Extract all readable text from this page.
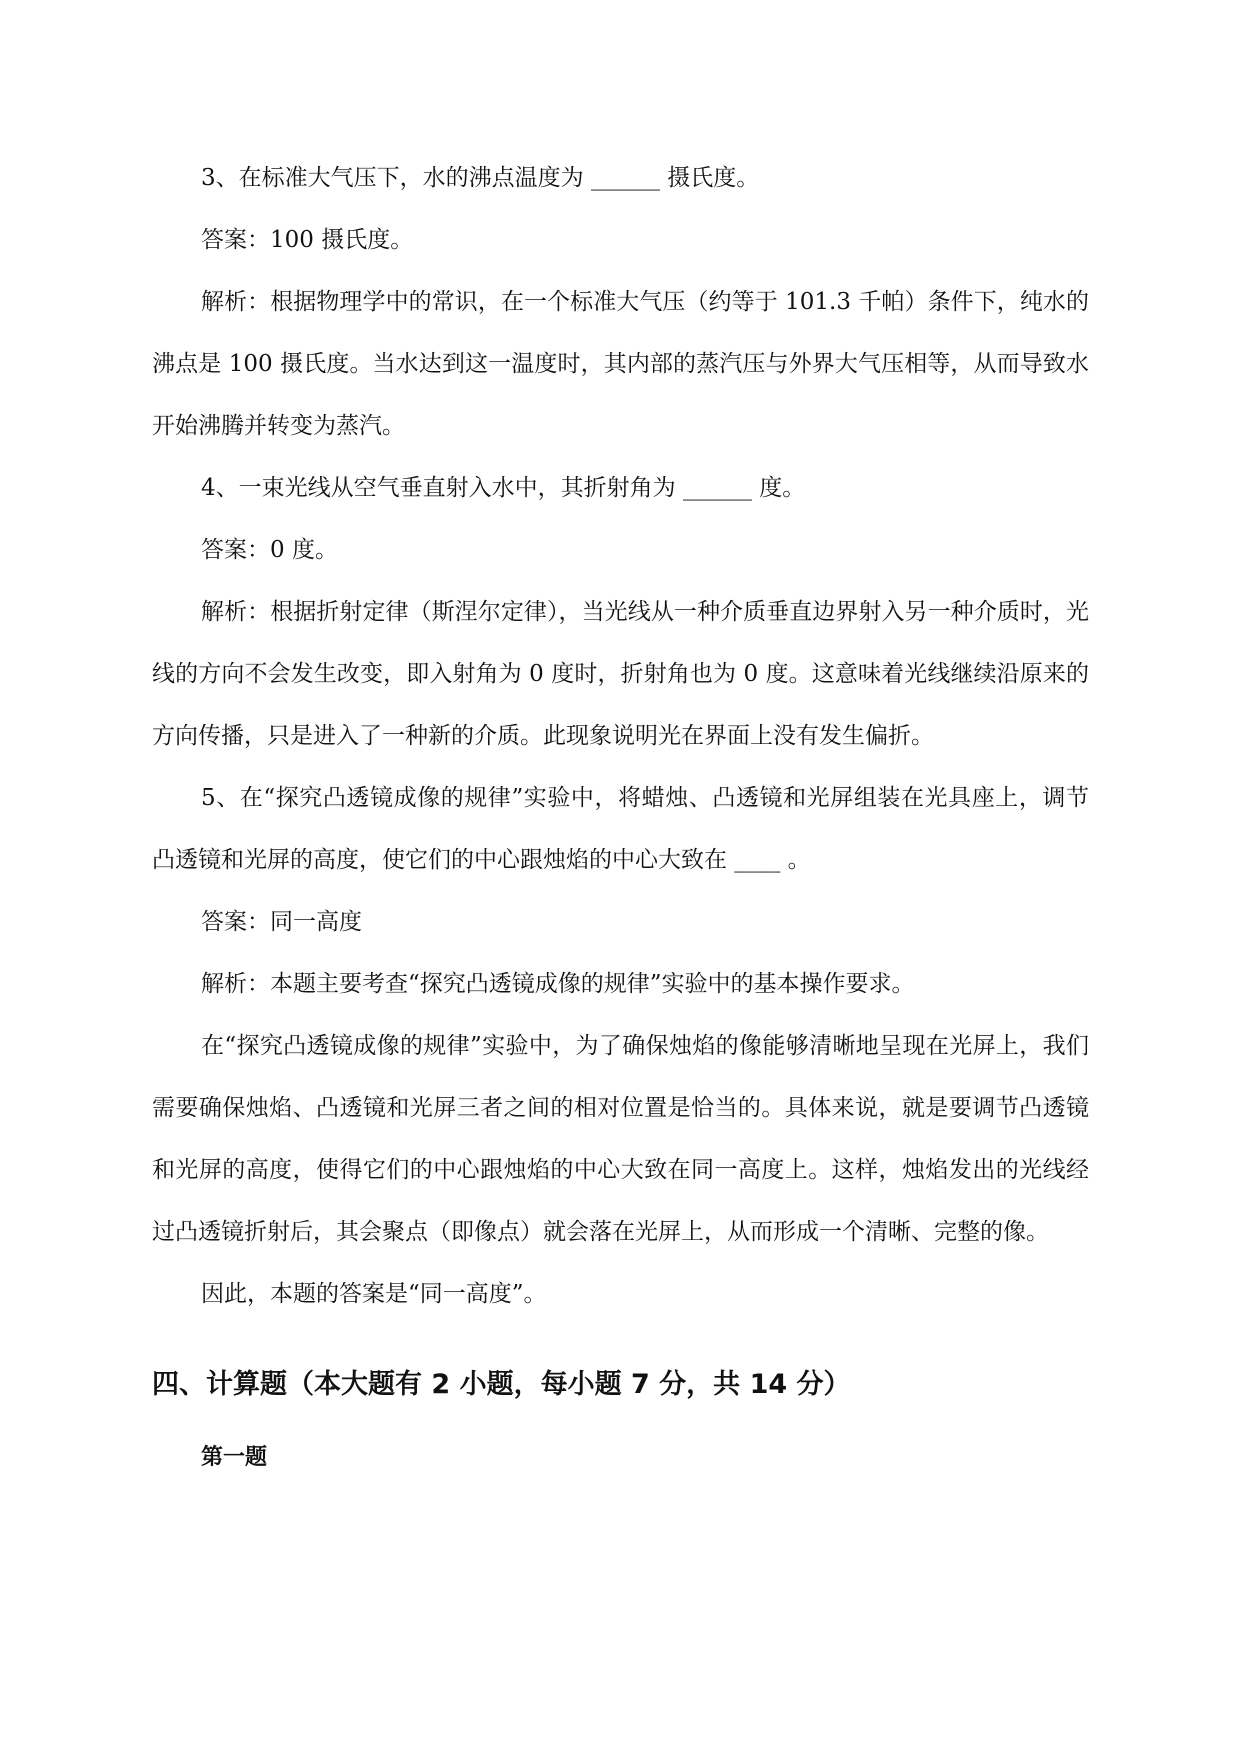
3、在标准大气压下，水的沸点温度为 ______ 摄氏度。

答案：100 摄氏度。

解析：根据物理学中的常识，在一个标准大气压（约等于 101.3 千帕）条件下，纯水的沸点是 100 摄氏度。当水达到这一温度时，其内部的蒸汽压与外界大气压相等，从而导致水开始沸腾并转变为蒸汽。

4、一束光线从空气垂直射入水中，其折射角为 ______ 度。

答案：0 度。

解析：根据折射定律（斯涅尔定律），当光线从一种介质垂直边界射入另一种介质时，光线的方向不会发生改变，即入射角为 0 度时，折射角也为 0 度。这意味着光线继续沿原来的方向传播，只是进入了一种新的介质。此现象说明光在界面上没有发生偏折。

5、在“探究凸透镜成像的规律”实验中，将蜡烛、凸透镜和光屏组装在光具座上，调节凸透镜和光屏的高度，使它们的中心跟烛焰的中心大致在 ____ 。

答案：同一高度

解析：本题主要考查“探究凸透镜成像的规律”实验中的基本操作要求。

在“探究凸透镜成像的规律”实验中，为了确保烛焰的像能够清晰地呈现在光屏上，我们需要确保烛焰、凸透镜和光屏三者之间的相对位置是恰当的。具体来说，就是要调节凸透镜和光屏的高度，使得它们的中心跟烛焰的中心大致在同一高度上。这样，烛焰发出的光线经过凸透镜折射后，其会聚点（即像点）就会落在光屏上，从而形成一个清晰、完整的像。

因此，本题的答案是“同一高度”。

四、计算题（本大题有 2 小题，每小题 7 分，共 14 分）
第一题
